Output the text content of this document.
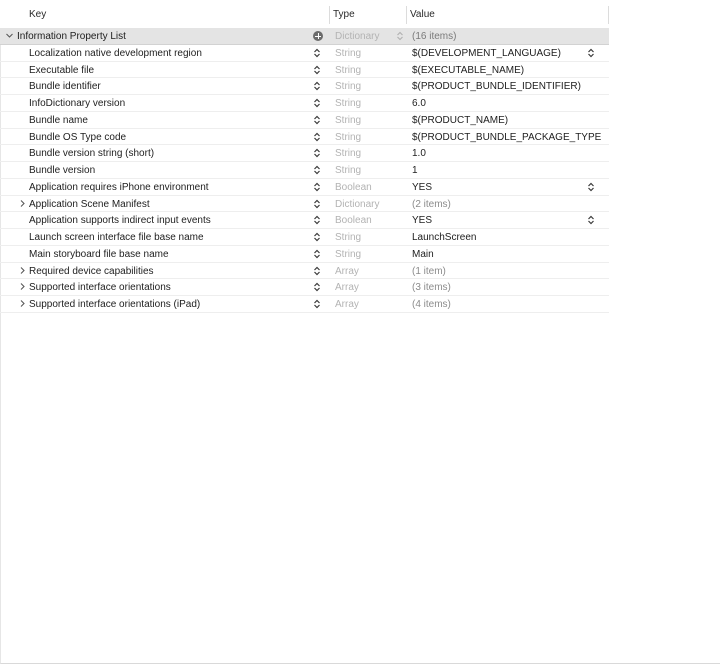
Key	Type	Value
Information Property List	Dictionary	(16 items)
Localization native development region	String	$(DEVELOPMENT_LANGUAGE)
Executable file	String	$(EXECUTABLE_NAME)
Bundle identifier	String	$(PRODUCT_BUNDLE_IDENTIFIER)
InfoDictionary version	String	6.0
Bundle name	String	$(PRODUCT_NAME)
Bundle OS Type code	String	$(PRODUCT_BUNDLE_PACKAGE_TYPE
Bundle version string (short)	String	1.0
Bundle version	String	1
Application requires iPhone environment	Boolean	YES
Application Scene Manifest	Dictionary	(2 items)
Application supports indirect input events	Boolean	YES
Launch screen interface file base name	String	LaunchScreen
Main storyboard file base name	String	Main
Required device capabilities	Array	(1 item)
Supported interface orientations	Array	(3 items)
Supported interface orientations (iPad)	Array	(4 items)
